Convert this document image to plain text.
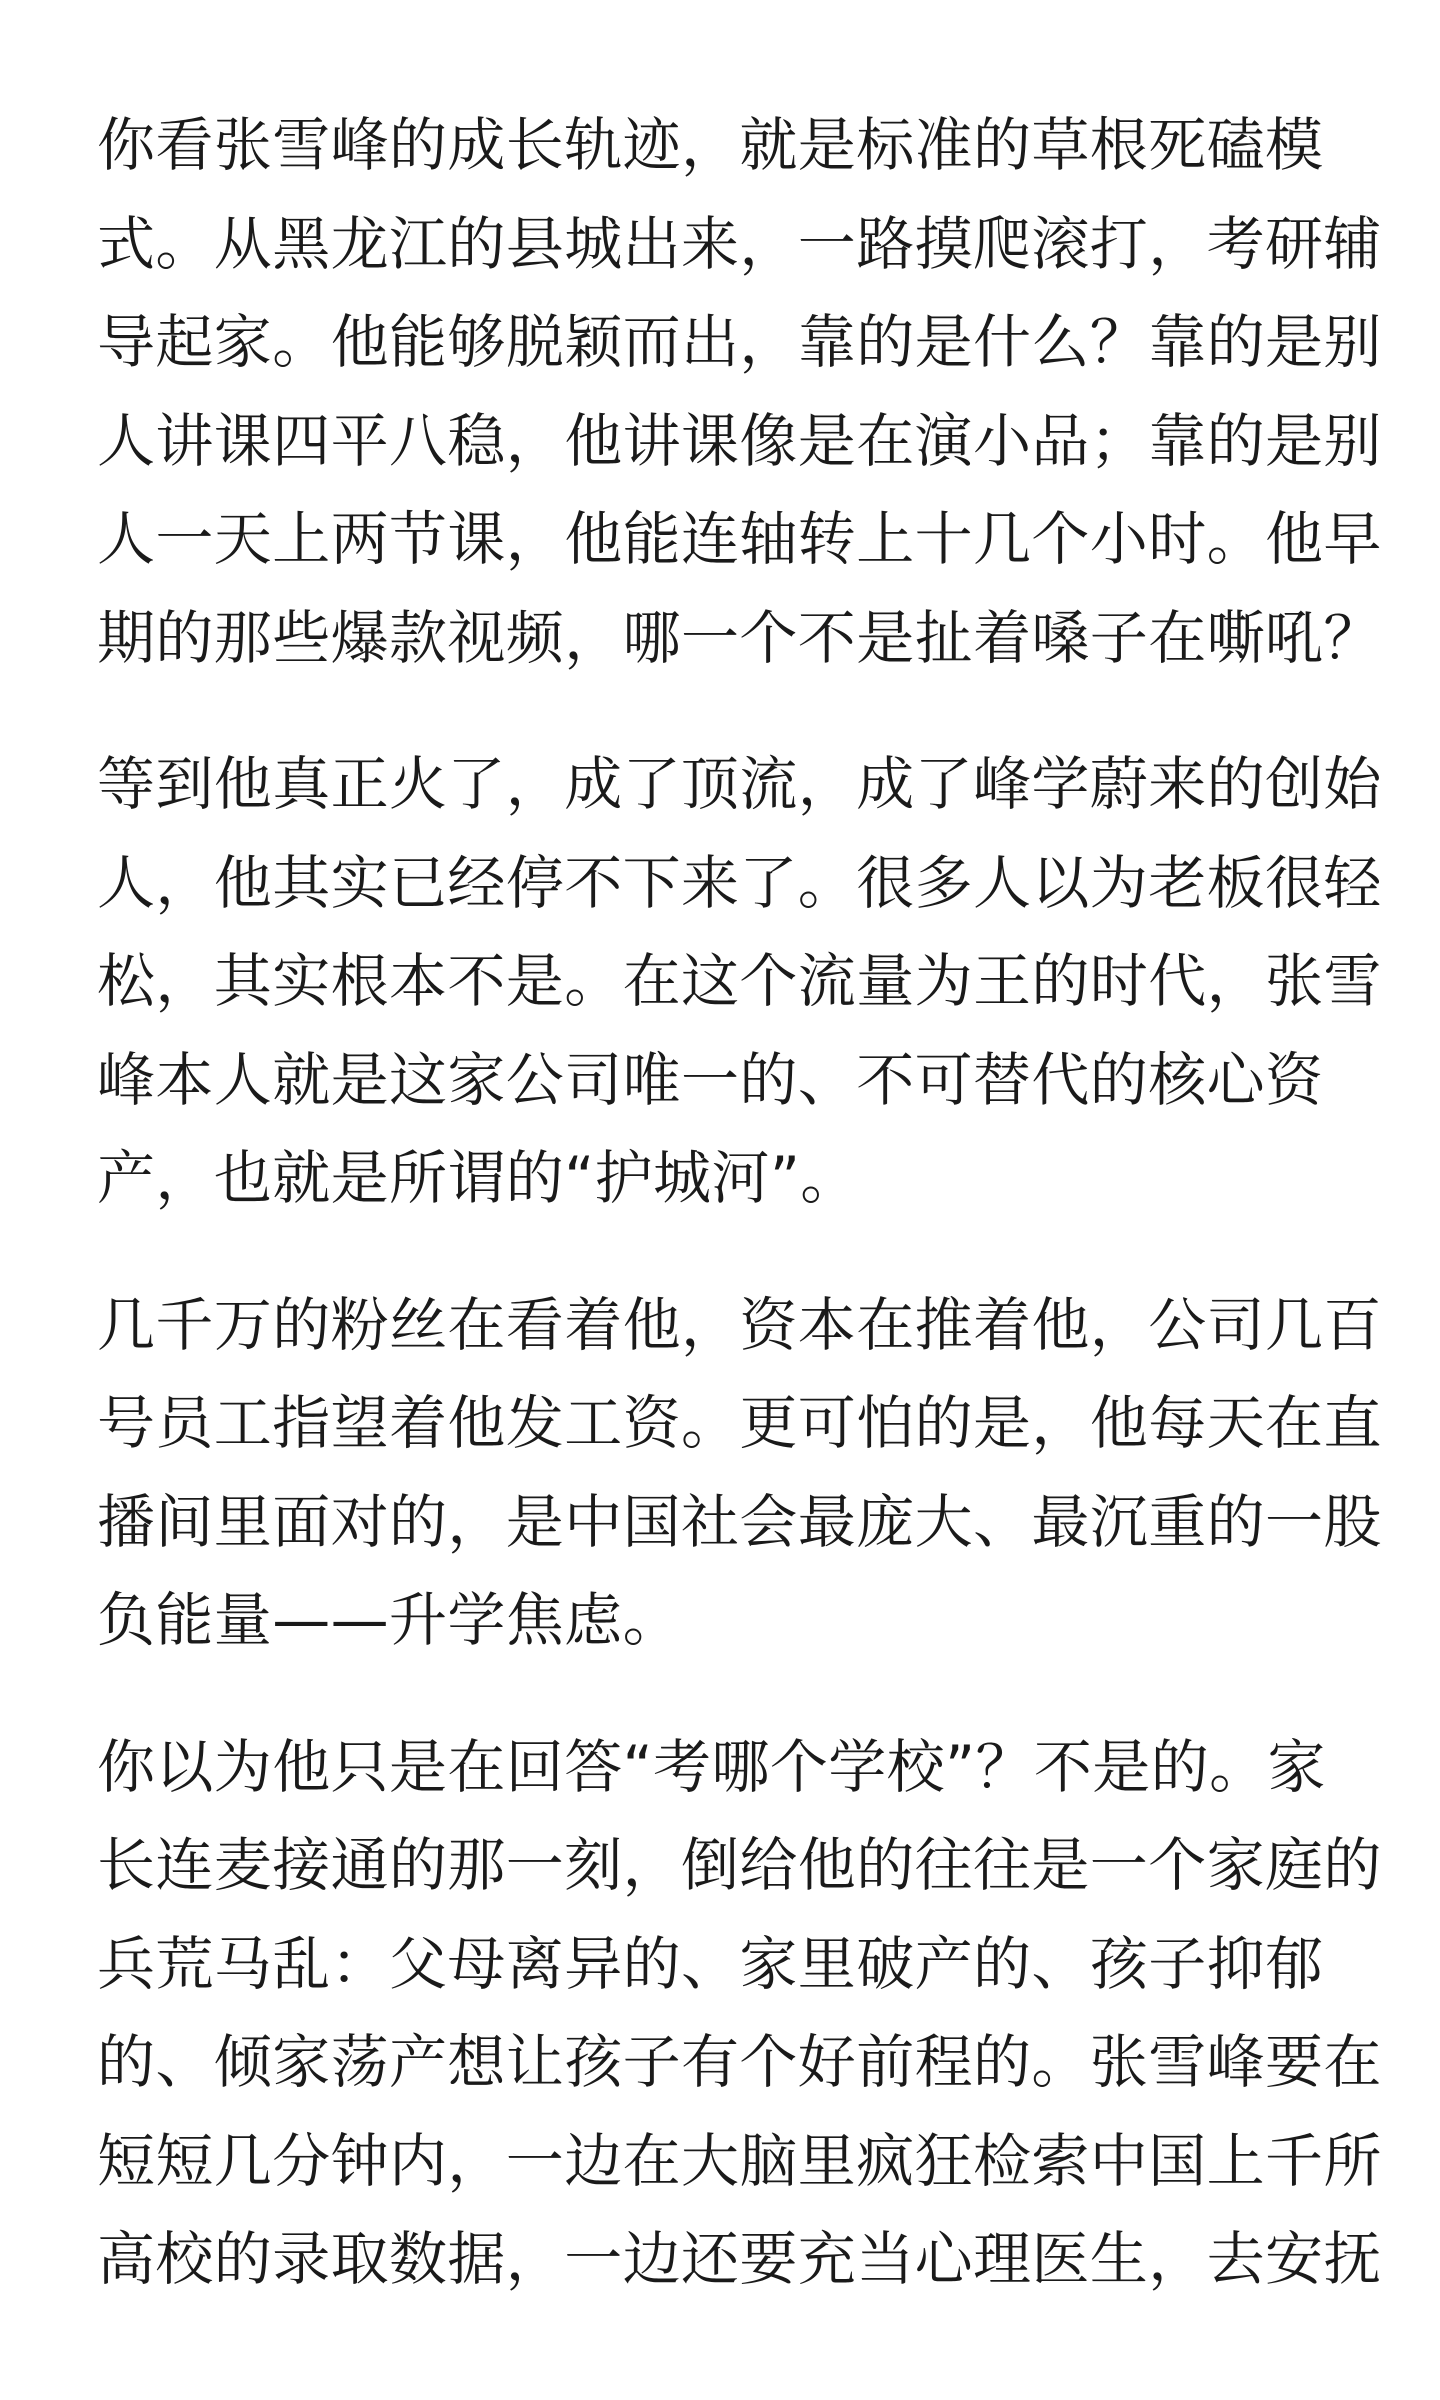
你看张雪峰的成长轨迹，就是标准的草根死磕模
式。从黑龙江的县城出来，一路摸爬滚打，考研辅
导起家。他能够脱颖而出，靠的是什么？靠的是别
人讲课四平八稳，他讲课像是在演小品；靠的是别
人一天上两节课，他能连轴转上十几个小时。他早
期的那些爆款视频，哪一个不是扯着嗓子在嘶吼？

等到他真正火了，成了顶流，成了峰学蔚来的创始
人，他其实已经停不下来了。很多人以为老板很轻
松，其实根本不是。在这个流量为王的时代，张雪
峰本人就是这家公司唯一的、不可替代的核心资
产，也就是所谓的“护城河”。

几千万的粉丝在看着他，资本在推着他，公司几百
号员工指望着他发工资。更可怕的是，他每天在直
播间里面对的，是中国社会最庞大、最沉重的一股
负能量——升学焦虑。

你以为他只是在回答“考哪个学校”？不是的。家
长连麦接通的那一刻，倒给他的往往是一个家庭的
兵荒马乱：父母离异的、家里破产的、孩子抑郁
的、倾家荡产想让孩子有个好前程的。张雪峰要在
短短几分钟内，一边在大脑里疯狂检索中国上千所
高校的录取数据，一边还要充当心理医生，去安抚
